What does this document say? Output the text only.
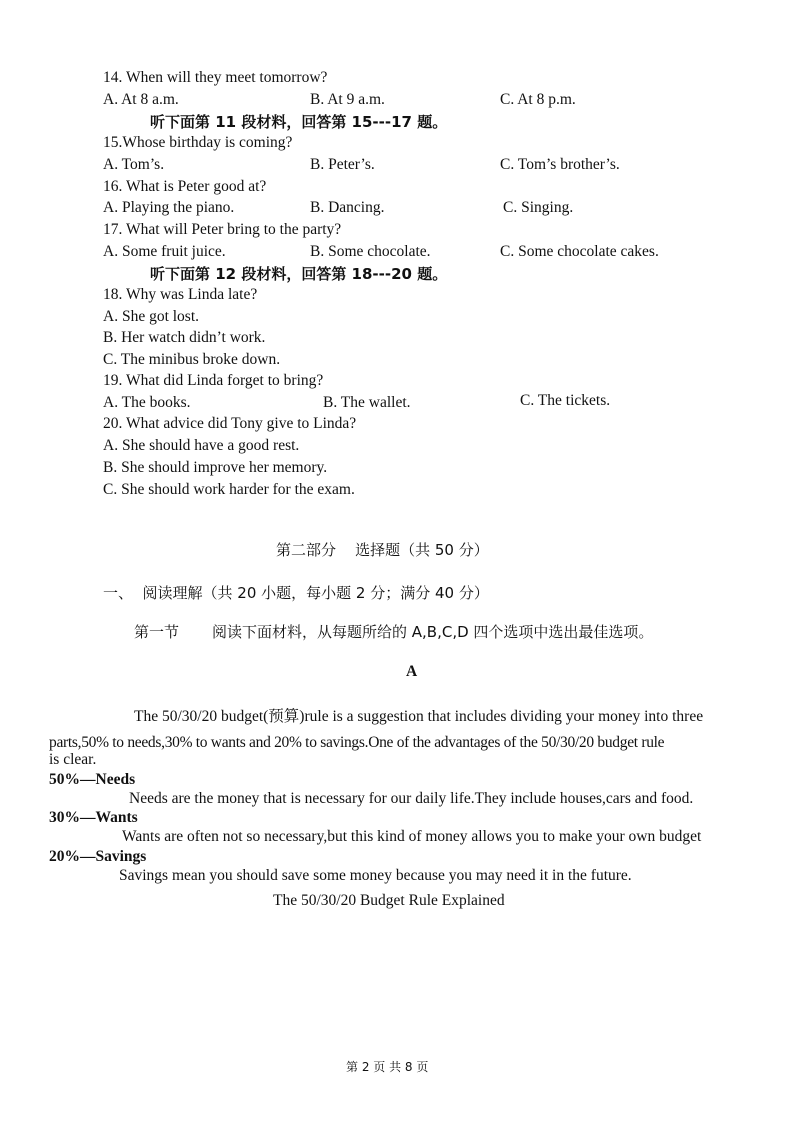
14. When will they meet tomorrow?
A. At 8 a.m.	B. At 9 a.m.	C. At 8 p.m.
听下面第 11 段材料，回答第 15---17 题。
15.Whose birthday is coming?
A. Tom’s.	B. Peter’s.	C. Tom’s brother’s.
16. What is Peter good at?
A. Playing the piano.	B. Dancing.	C. Singing.
17. What will Peter bring to the party?
A. Some fruit juice.	B. Some chocolate.	C. Some chocolate cakes.
听下面第 12 段材料，回答第 18---20 题。
18. Why was Linda late?
A. She got lost.
B. Her watch didn’t work.
C. The minibus broke down.
19. What did Linda forget to bring?
A. The books.	B. The wallet.	C. The tickets.
20. What advice did Tony give to Linda?
A. She should have a good rest.
B. She should improve her memory.
C. She should work harder for the exam.
第二部分    选择题（共 50 分）
一、  阅读理解（共 20 小题，每小题 2 分；满分 40 分）
第一节 阅读下面材料，从每题所给的 A,B,C,D 四个选项中选出最佳选项。
A
The 50/30/20 budget(预算)rule is a suggestion that includes dividing your money into three
parts,50% to needs,30% to wants and 20% to savings.One of the advantages of the 50/30/20 budget rule
is clear.
50%—Needs
Needs are the money that is necessary for our daily life.They include houses,cars and food.
30%—Wants
Wants are often not so necessary,but this kind of money allows you to make your own budget
20%—Savings
Savings mean you should save some money because you may need it in the future.
The 50/30/20 Budget Rule Explained
第 2 页 共 8 页
